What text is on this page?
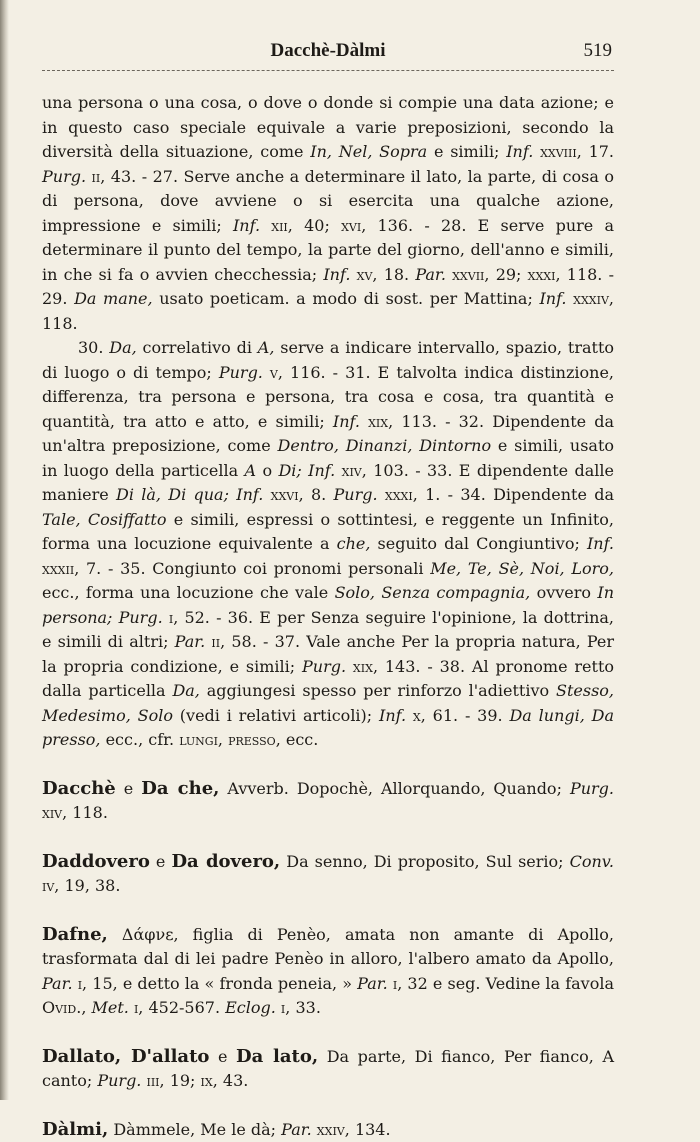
Dacchè-Dàlmi	519

una persona o una cosa, o dove o donde si compie una data azione; e in questo caso speciale equivale a varie preposizioni, secondo la diversità della situazione, come In, Nel, Sopra e simili; Inf. xxviii, 17. Purg. ii, 43. - 27. Serve anche a determinare il lato, la parte, di cosa o di persona, dove avviene o si esercita una qualche azione, impressione e simili; Inf. xii, 40; xvi, 136. - 28. E serve pure a determinare il punto del tempo, la parte del giorno, dell'anno e simili, in che si fa o avvien checchessia; Inf. xv, 18. Par. xxvii, 29; xxxi, 118. - 29. Da mane, usato poeticam. a modo di sost. per Mattina; Inf. xxxiv, 118.

30. Da, correlativo di A, serve a indicare intervallo, spazio, tratto di luogo o di tempo; Purg. v, 116. - 31. E talvolta indica distinzione, differenza, tra persona e persona, tra cosa e cosa, tra quantità e quantità, tra atto e atto, e simili; Inf. xix, 113. - 32. Dipendente da un'altra preposizione, come Dentro, Dinanzi, Dintorno e simili, usato in luogo della particella A o Di; Inf. xiv, 103. - 33. E dipendente dalle maniere Di là, Di qua; Inf. xxvi, 8. Purg. xxxi, 1. - 34. Dipendente da Tale, Cosiffatto e simili, espressi o sottintesi, e reggente un Infinito, forma una locuzione equivalente a che, seguito dal Congiuntivo; Inf. xxxii, 7. - 35. Congiunto coi pronomi personali Me, Te, Sè, Noi, Loro, ecc., forma una locuzione che vale Solo, Senza compagnia, ovvero In persona; Purg. i, 52. - 36. E per Senza seguire l'opinione, la dottrina, e simili di altri; Par. ii, 58. - 37. Vale anche Per la propria natura, Per la propria condizione, e simili; Purg. xix, 143. - 38. Al pronome retto dalla particella Da, aggiungesi spesso per rinforzo l'adiettivo Stesso, Medesimo, Solo (vedi i relativi articoli); Inf. x, 61. - 39. Da lungi, Da presso, ecc., cfr. lungi, presso, ecc.

Dacchè e Da che, Avverb. Dopochè, Allorquando, Quando; Purg. xiv, 118.

Daddovero e Da dovero, Da senno, Di proposito, Sul serio; Conv. iv, 19, 38.

Dafne, Δάφνε, figlia di Penèo, amata non amante di Apollo, trasformata dal di lei padre Penèo in alloro, l'albero amato da Apollo, Par. i, 15, e detto la « fronda peneia, » Par. i, 32 e seg. Vedine la favola Ovid., Met. i, 452-567. Eclog. i, 33.

Dallato, D'allato e Da lato, Da parte, Di fianco, Per fianco, A canto; Purg. iii, 19; ix, 43.

Dàlmi, Dàmmele, Me le dà; Par. xxiv, 134.
